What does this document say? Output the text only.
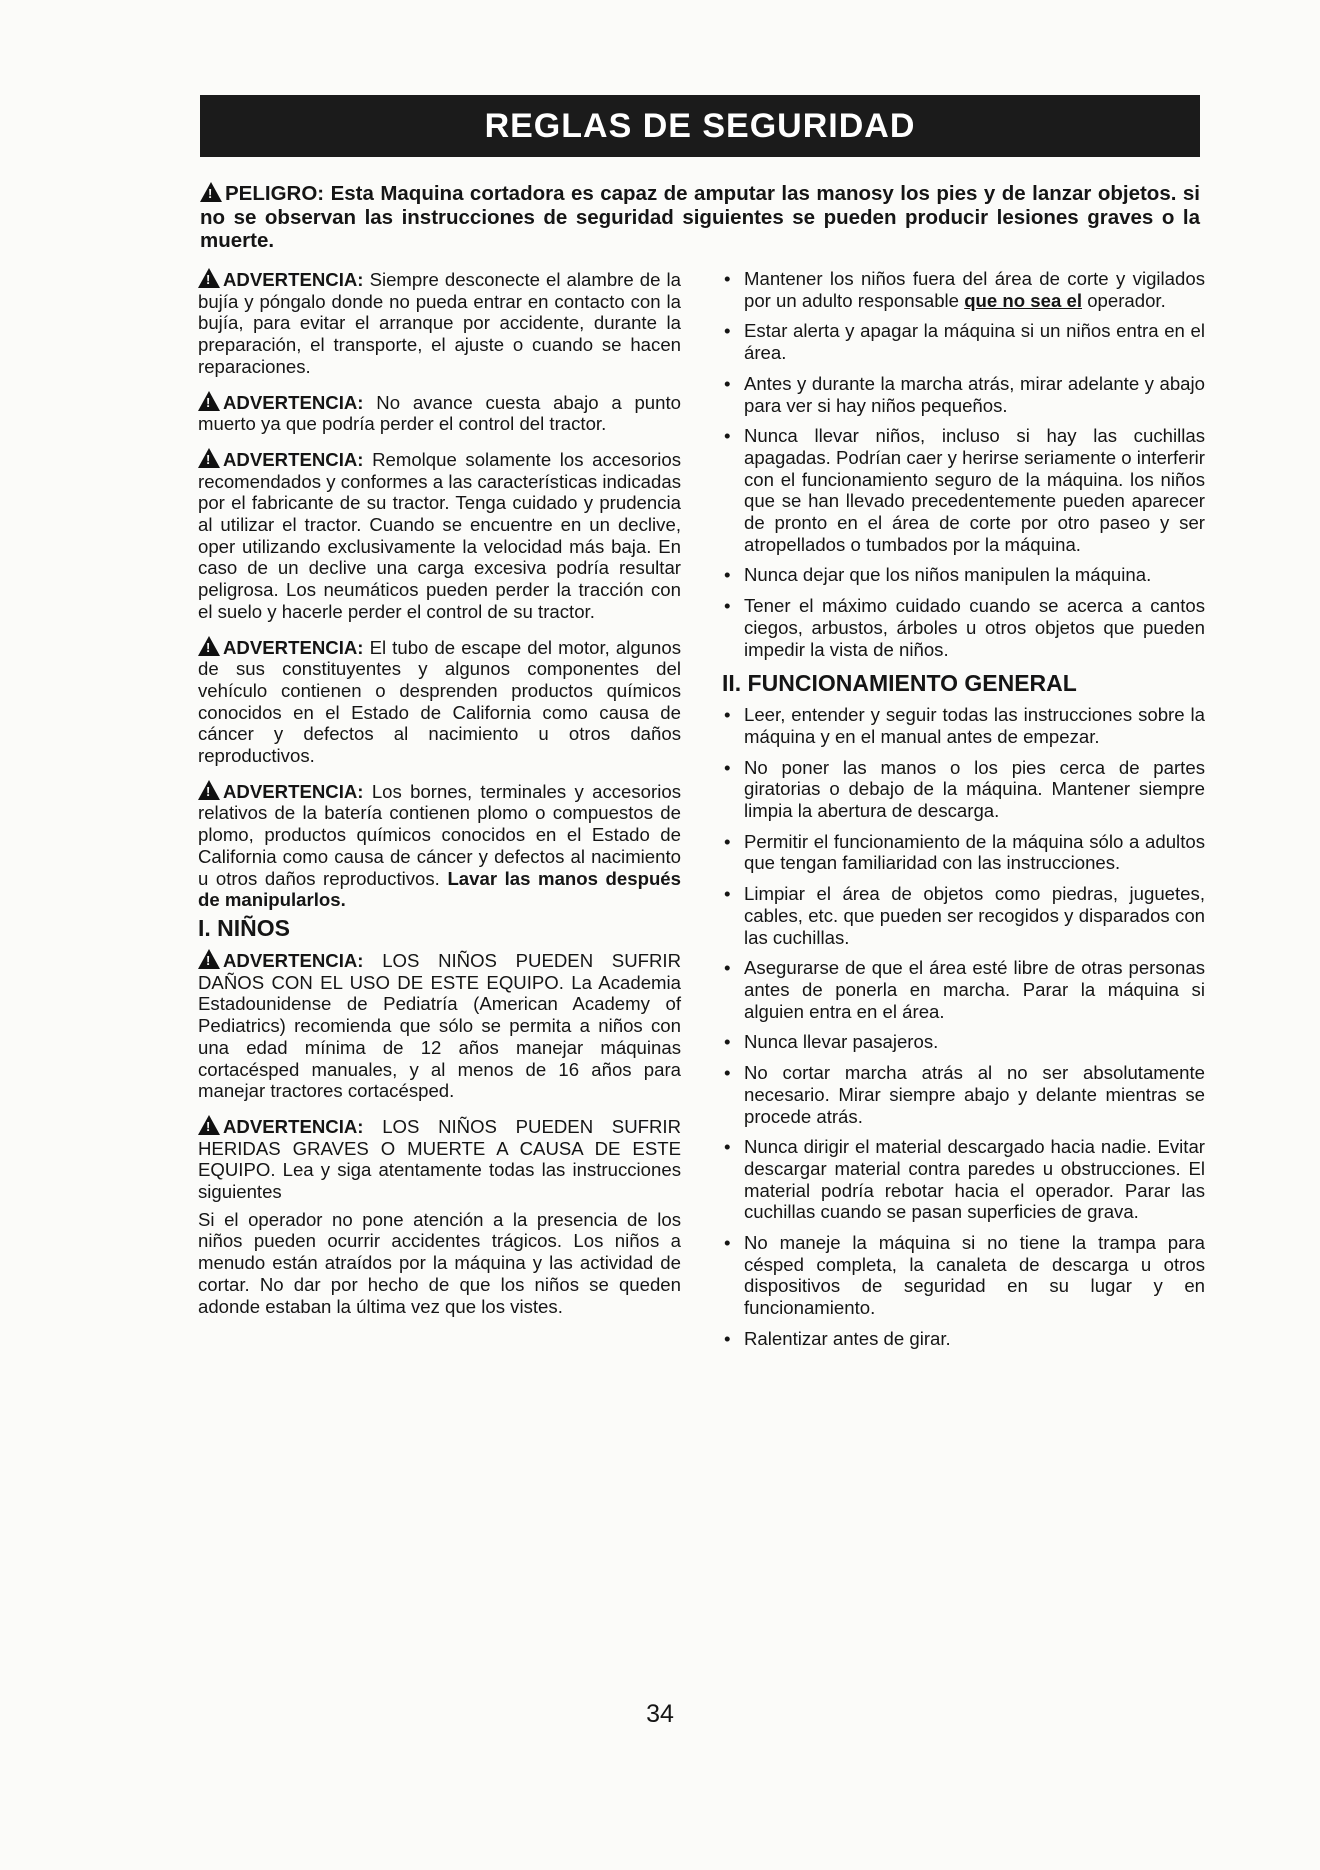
REGLAS DE SEGURIDAD
!PELIGRO: Esta Maquina cortadora es capaz de amputar las manosy los pies y de lanzar objetos. si no se observan las instrucciones de seguridad siguientes se pueden producir lesiones graves o la muerte.
!ADVERTENCIA: Siempre desconecte el alambre de la bujía y póngalo donde no pueda entrar en contacto con la bujía, para evitar el arranque por accidente, durante la preparación, el transporte, el ajuste o cuando se hacen reparaciones.
!ADVERTENCIA: No avance cuesta abajo a punto muerto ya que podría perder el control del tractor.
!ADVERTENCIA: Remolque solamente los accesorios recomendados y conformes a las características indicadas por el fabricante de su tractor. Tenga cuidado y prudencia al utilizar el tractor. Cuando se encuentre en un declive, oper utilizando exclusivamente la velocidad más baja. En caso de un declive una carga excesiva podría resultar peligrosa. Los neumáticos pueden perder la tracción con el suelo y hacerle perder el control de su tractor.
!ADVERTENCIA: El tubo de escape del motor, algunos de sus constituyentes y algunos componentes del vehículo contienen o desprenden productos químicos conocidos en el Estado de California como causa de cáncer y defectos al nacimiento u otros daños reproductivos.
!ADVERTENCIA: Los bornes, terminales y accesorios relativos de la batería contienen plomo o compuestos de plomo, productos químicos conocidos en el Estado de California como causa de cáncer y defectos al nacimiento u otros daños reproductivos. Lavar las manos después de manipularlos.
I. NIÑOS
!ADVERTENCIA: LOS NIÑOS PUEDEN SUFRIR DAÑOS CON EL USO DE ESTE EQUIPO. La Academia Estadounidense de Pediatría (American Academy of Pediatrics) recomienda que sólo se permita a niños con una edad mínima de 12 años manejar máquinas cortacésped manuales, y al menos de 16 años para manejar tractores cortacésped.
!ADVERTENCIA: LOS NIÑOS PUEDEN SUFRIR HERIDAS GRAVES O MUERTE A CAUSA DE ESTE EQUIPO. Lea y siga atentamente todas las instrucciones siguientes

Si el operador no pone atención a la presencia de los niños pueden ocurrir accidentes trágicos. Los niños a menudo están atraídos por la máquina y las actividad de cortar. No dar por hecho de que los niños se queden adonde estaban la última vez que los vistes.

• Mantener los niños fuera del área de corte y vigilados por un adulto responsable que no sea el operador.
• Estar alerta y apagar la máquina si un niños entra en el área.
• Antes y durante la marcha atrás, mirar adelante y abajo para ver si hay niños pequeños.
• Nunca llevar niños, incluso si hay las cuchillas apagadas. Podrían caer y herirse seriamente o interferir con el funcionamiento seguro de la máquina. los niños que se han llevado precedentemente pueden aparecer de pronto en el área de corte por otro paseo y ser atropellados o tumbados por la máquina.
• Nunca dejar que los niños manipulen la máquina.
• Tener el máximo cuidado cuando se acerca a cantos ciegos, arbustos, árboles u otros objetos que pueden impedir la vista de niños.
II. FUNCIONAMIENTO GENERAL
• Leer, entender y seguir todas las instrucciones sobre la máquina y en el manual antes de empezar.
• No poner las manos o los pies cerca de partes giratorias o debajo de la máquina. Mantener siempre limpia la abertura de descarga.
• Permitir el funcionamiento de la máquina sólo a adultos que tengan familiaridad con las instrucciones.
• Limpiar el área de objetos como piedras, juguetes, cables, etc. que pueden ser recogidos y disparados con las cuchillas.
• Asegurarse de que el área esté libre de otras personas antes de ponerla en marcha. Parar la máquina si alguien entra en el área.
• Nunca llevar pasajeros.
• No cortar marcha atrás al no ser absolutamente necesario. Mirar siempre abajo y delante mientras se procede atrás.
• Nunca dirigir el material descargado hacia nadie. Evitar descargar material contra paredes u obstrucciones. El material podría rebotar hacia el operador. Parar las cuchillas cuando se pasan superficies de grava.
• No maneje la máquina si no tiene la trampa para césped completa, la canaleta de descarga u otros dispositivos de seguridad en su lugar y en funcionamiento.
• Ralentizar antes de girar.
34
